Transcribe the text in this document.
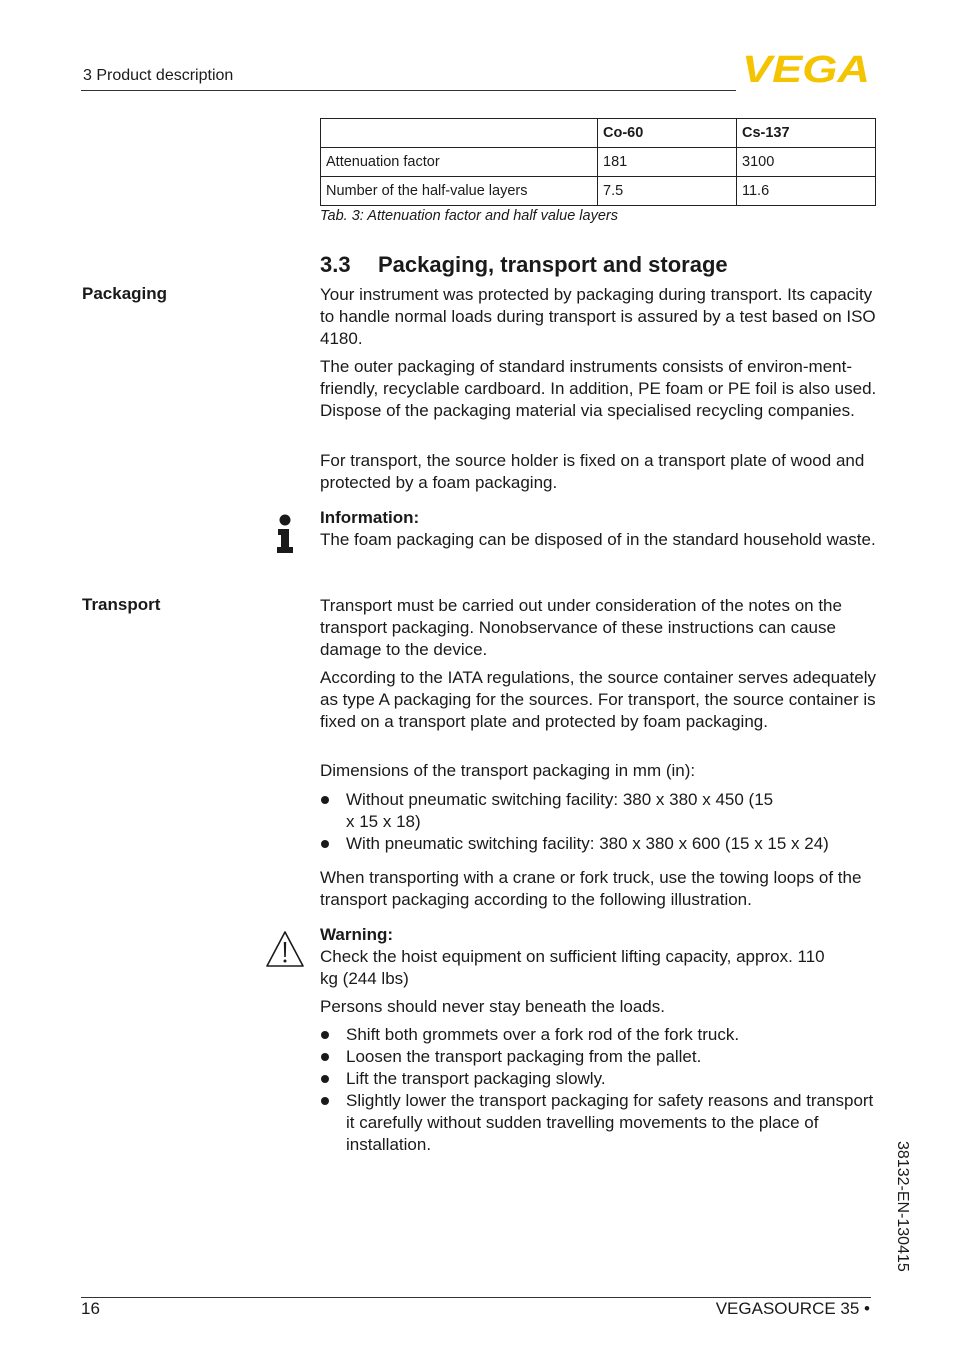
3 Product description	VEGA
	Co-60	Cs-137
Attenuation factor	181	3100
Number of the half-value layers	7.5	11.6
Tab. 3: Attenuation factor and half value layers
3.3 Packaging, transport and storage
Packaging	Your instrument was protected by packaging during transport. Its capacity to handle normal loads during transport is assured by a test based on ISO 4180.

The outer packaging of standard instruments consists of environ-ment-friendly, recyclable cardboard. In addition, PE foam or PE foil is also used. Dispose of the packaging material via specialised recycling companies.

For transport, the source holder is fixed on a transport plate of wood and protected by a foam packaging.

Information:

The foam packaging can be disposed of in the standard household waste.

Transport	Transport must be carried out under consideration of the notes on the transport packaging. Nonobservance of these instructions can cause damage to the device.

According to the IATA regulations, the source container serves adequately as type A packaging for the sources. For transport, the source container is fixed on a transport plate and protected by foam packaging.

Dimensions of the transport packaging in mm (in):

Without pneumatic switching facility: 380 x 380 x 450 (15 x 15 x 18)
With pneumatic switching facility: 380 x 380 x 600 (15 x 15 x 24)

When transporting with a crane or fork truck, use the towing loops of the transport packaging according to the following illustration.

Warning:

Check the hoist equipment on sufficient lifting capacity, approx. 110 kg (244 lbs)

Persons should never stay beneath the loads.

Shift both grommets over a fork rod of the fork truck.
Loosen the transport packaging from the pallet.
Lift the transport packaging slowly.
Slightly lower the transport packaging for safety reasons and transport it carefully without sudden travelling movements to the place of installation.	38132-EN-130415
16	VEGASOURCE 35 •
